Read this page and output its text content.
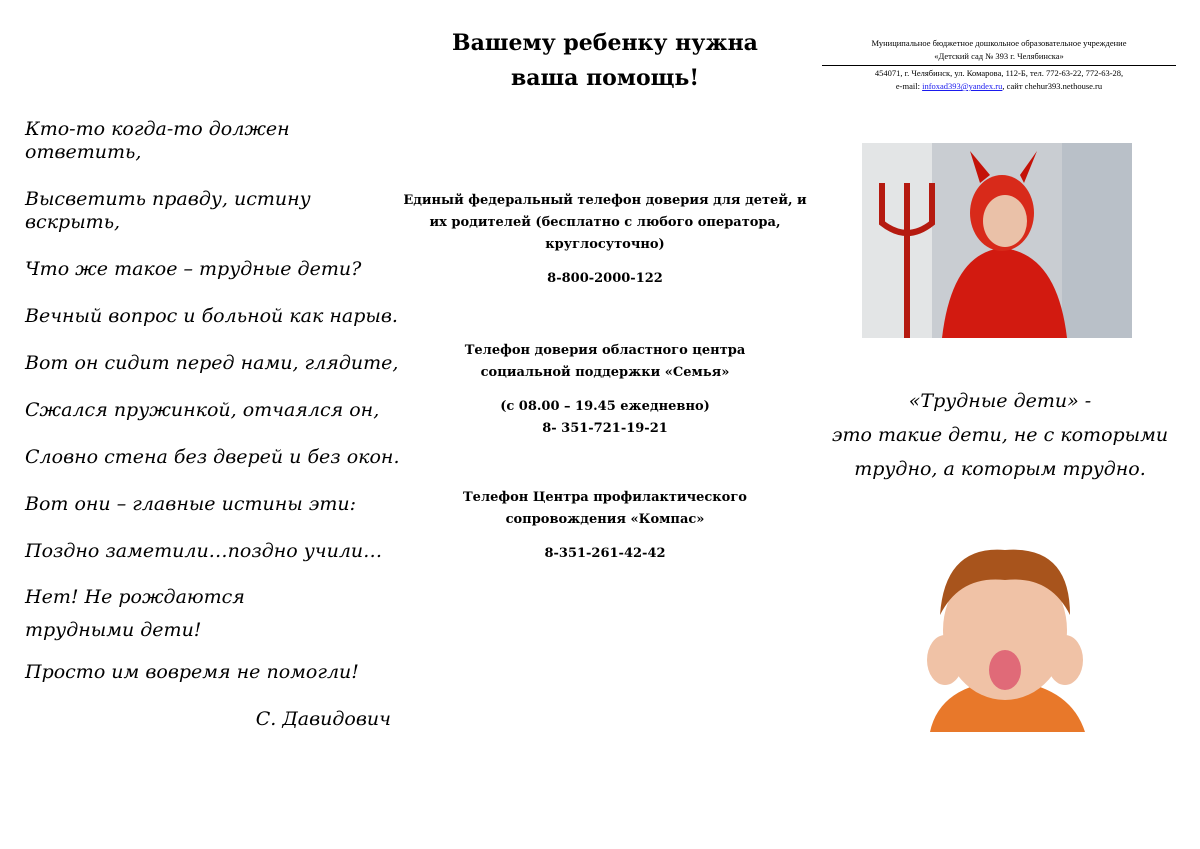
Вашему ребенку нужна
ваша помощь!
Кто-то когда-то должен ответить,
Высветить правду, истину вскрыть,
Что же такое – трудные дети?
Вечный вопрос и больной как нарыв.
Вот он сидит перед нами, глядите,
Сжался пружинкой, отчаялся он,
Словно стена без дверей и без окон.
Вот они – главные истины эти:
Поздно заметили…поздно учили…
Нет! Не рождаются трудными дети!
Просто им вовремя не помогли!
С. Давидович
Единый федеральный телефон доверия для детей, и их родителей (бесплатно с любого оператора, круглосуточно)
8-800-2000-122
Телефон доверия областного центра социальной поддержки «Семья»
(с 08.00 – 19.45 ежедневно)
8- 351-721-19-21
Телефон Центра профилактического сопровождения «Компас»
8-351-261-42-42
Муниципальное бюджетное дошкольное образовательное учреждение
«Детский сад № 393 г. Челябинска»
454071, г. Челябинск, ул. Комарова, 112-Б, тел. 772-63-22, 772-63-28,
e-mail: infoxad393@yandex.ru, сайт chehur393.nethouse.ru
«Трудные дети» -
это такие дети, не с которыми
трудно, а которым трудно.
